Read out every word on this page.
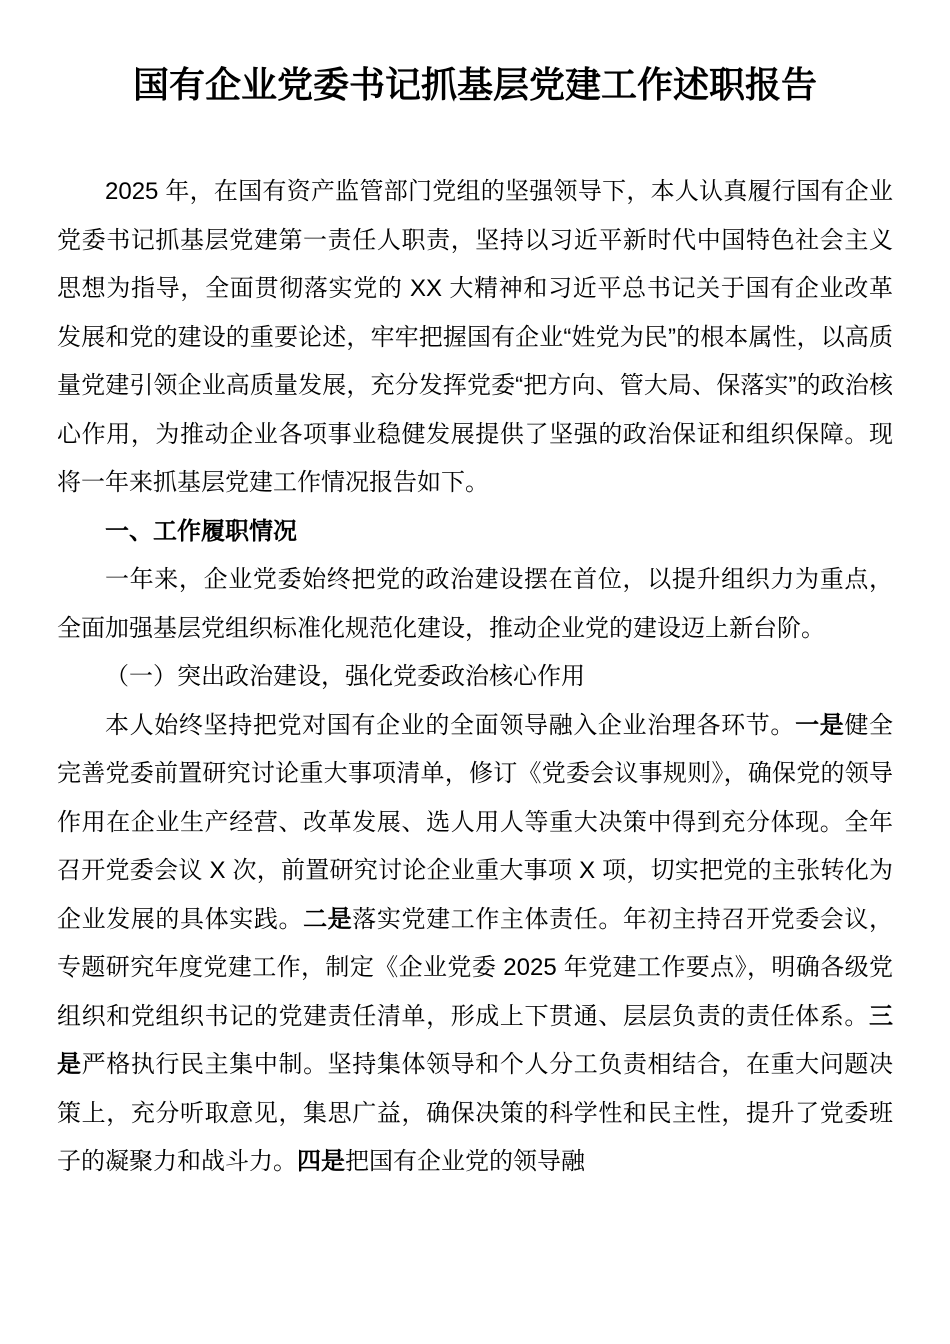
国有企业党委书记抓基层党建工作述职报告

2025 年，在国有资产监管部门党组的坚强领导下，本人认真履行国有企业党委书记抓基层党建第一责任人职责，坚持以习近平新时代中国特色社会主义思想为指导，全面贯彻落实党的 XX 大精神和习近平总书记关于国有企业改革发展和党的建设的重要论述，牢牢把握国有企业“姓党为民”的根本属性，以高质量党建引领企业高质量发展，充分发挥党委“把方向、管大局、保落实”的政治核心作用，为推动企业各项事业稳健发展提供了坚强的政治保证和组织保障。现将一年来抓基层党建工作情况报告如下。

一、工作履职情况

一年来，企业党委始终把党的政治建设摆在首位，以提升组织力为重点，全面加强基层党组织标准化规范化建设，推动企业党的建设迈上新台阶。

（一）突出政治建设，强化党委政治核心作用

本人始终坚持把党对国有企业的全面领导融入企业治理各环节。一是健全完善党委前置研究讨论重大事项清单，修订《党委会议事规则》，确保党的领导作用在企业生产经营、改革发展、选人用人等重大决策中得到充分体现。全年召开党委会议 X 次，前置研究讨论企业重大事项 X 项，切实把党的主张转化为企业发展的具体实践。二是落实党建工作主体责任。年初主持召开党委会议，专题研究年度党建工作，制定《企业党委 2025 年党建工作要点》，明确各级党组织和党组织书记的党建责任清单，形成上下贯通、层层负责的责任体系。三是严格执行民主集中制。坚持集体领导和个人分工负责相结合，在重大问题决策上，充分听取意见，集思广益，确保决策的科学性和民主性，提升了党委班子的凝聚力和战斗力。四是把国有企业党的领导融
